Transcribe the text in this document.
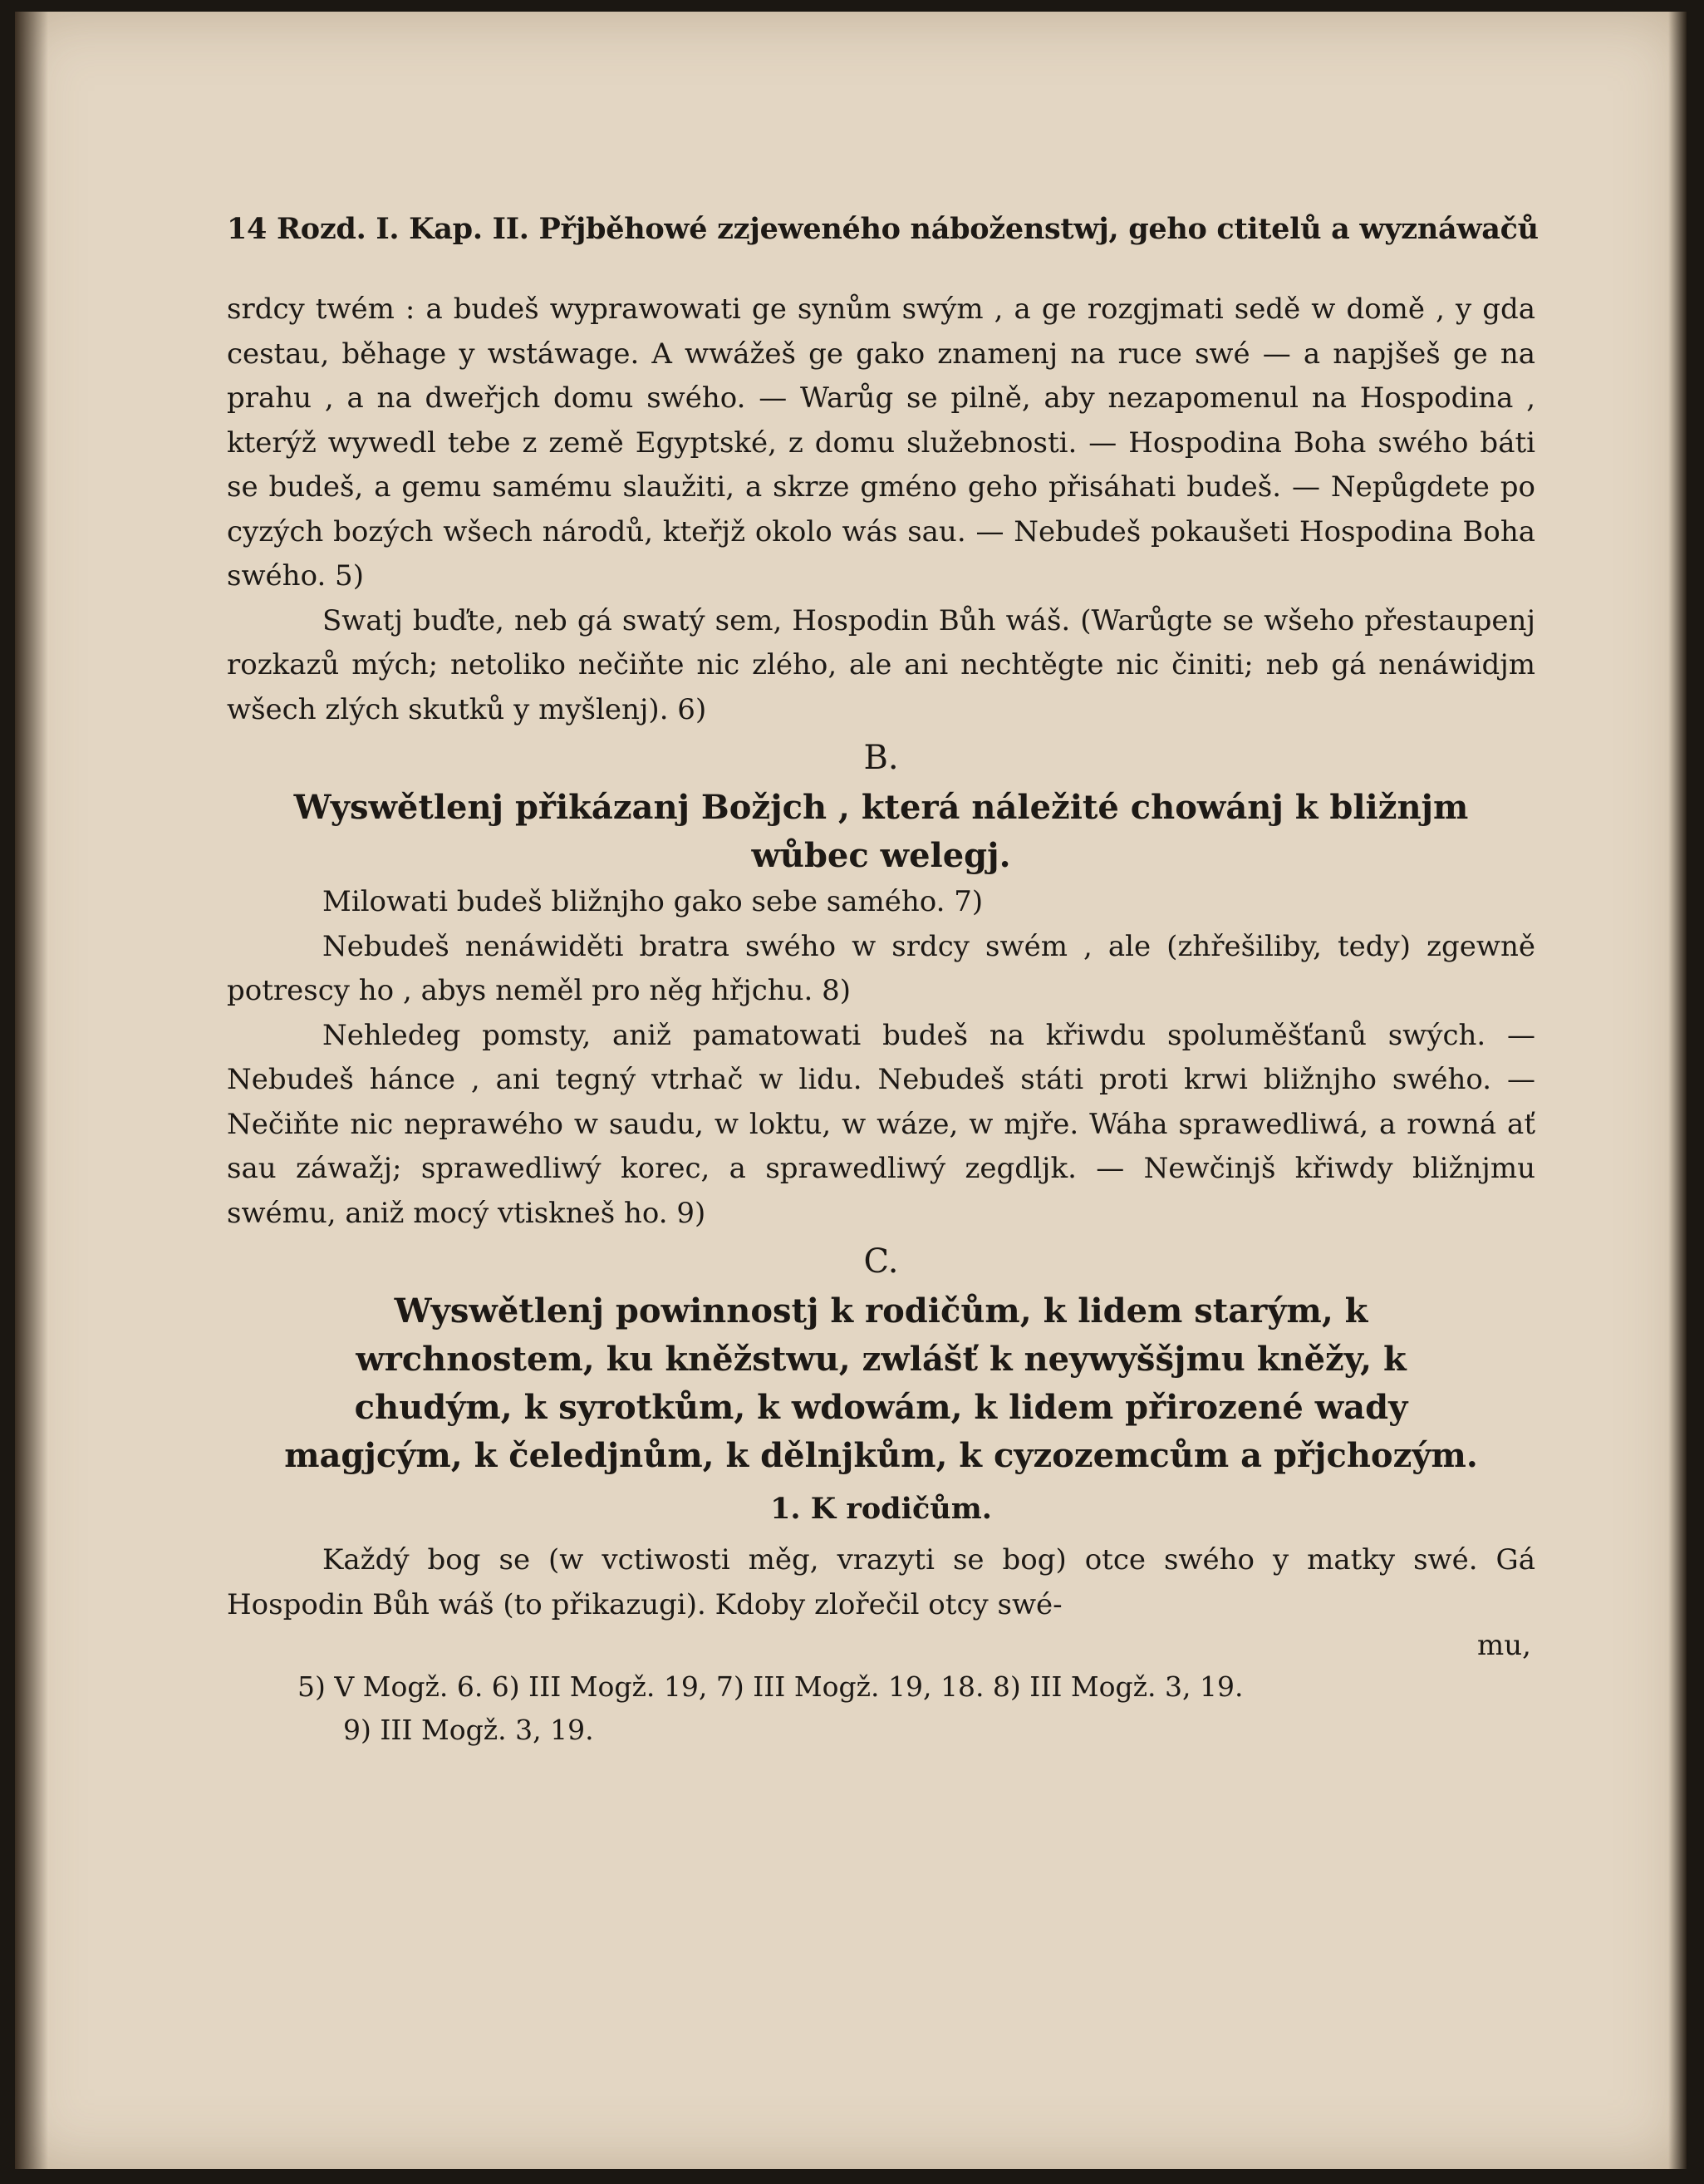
14 Rozd. I. Kap. II. Přjběhowé zzjeweného náboženstwj, geho ctitelů a wyznáwačů

srdcy twém : a budeš wyprawowati ge synům swým , a ge rozgjmati sedě w domě , y gda cestau, běhage y wstáwage. A wwážeš ge gako znamenj na ruce swé — a napjšeš ge na prahu , a na dweřjch domu swého. — Warůg se pilně, aby nezapomenul na Hospodina , kterýž wywedl tebe z země Egyptské, z domu služebnosti. — Hospodina Boha swého báti se budeš, a gemu samému slaužiti, a skrze gméno geho přisáhati budeš. — Nepůgdete po cyzých bozých wšech národů, kteřjž okolo wás sau. — Nebudeš pokaušeti Hospodina Boha swého. 5)

Swatj buďte, neb gá swatý sem, Hospodin Bůh wáš. (Warůgte se wšeho přestaupenj rozkazů mých; netoliko nečiňte nic zlého, ale ani nechtěgte nic činiti; neb gá nenáwidjm wšech zlých skutků y myšlenj). 6)

B.
Wyswětlenj přikázanj Božjch , která náležité chowánj k bližnjm wůbec welegj.

Milowati budeš bližnjho gako sebe samého. 7)

Nebudeš nenáwiděti bratra swého w srdcy swém , ale (zhřešiliby, tedy) zgewně potrescy ho , abys neměl pro něg hřjchu. 8)

Nehledeg pomsty, aniž pamatowati budeš na křiwdu spoluměšťanů swých. — Nebudeš hánce , ani tegný vtrhač w lidu. Nebudeš státi proti krwi bližnjho swého. — Nečiňte nic neprawého w saudu, w loktu, w wáze, w mjře. Wáha sprawedliwá, a rowná ať sau záwažj; sprawedliwý korec, a sprawedliwý zegdljk. — Newčinjš křiwdy bližnjmu swému, aniž mocý vtiskneš ho. 9)

C.
Wyswětlenj powinnostj k rodičům, k lidem starým, k wrchnostem, ku kněžstwu, zwlášť k neywyššjmu kněžy, k chudým, k syrotkům, k wdowám, k lidem přirozené wady magjcým, k čeledjnům, k dělnjkům, k cyzozemcům a přjchozým.
1. K rodičům.

Každý bog se (w vctiwosti měg, vrazyti se bog) otce swého y matky swé. Gá Hospodin Bůh wáš (to přikazugi). Kdoby zlořečil otcy swé-

mu,
5) V Mogž. 6. 6) III Mogž. 19, 7) III Mogž. 19, 18. 8) III Mogž. 3, 19.
9) III Mogž. 3, 19.
